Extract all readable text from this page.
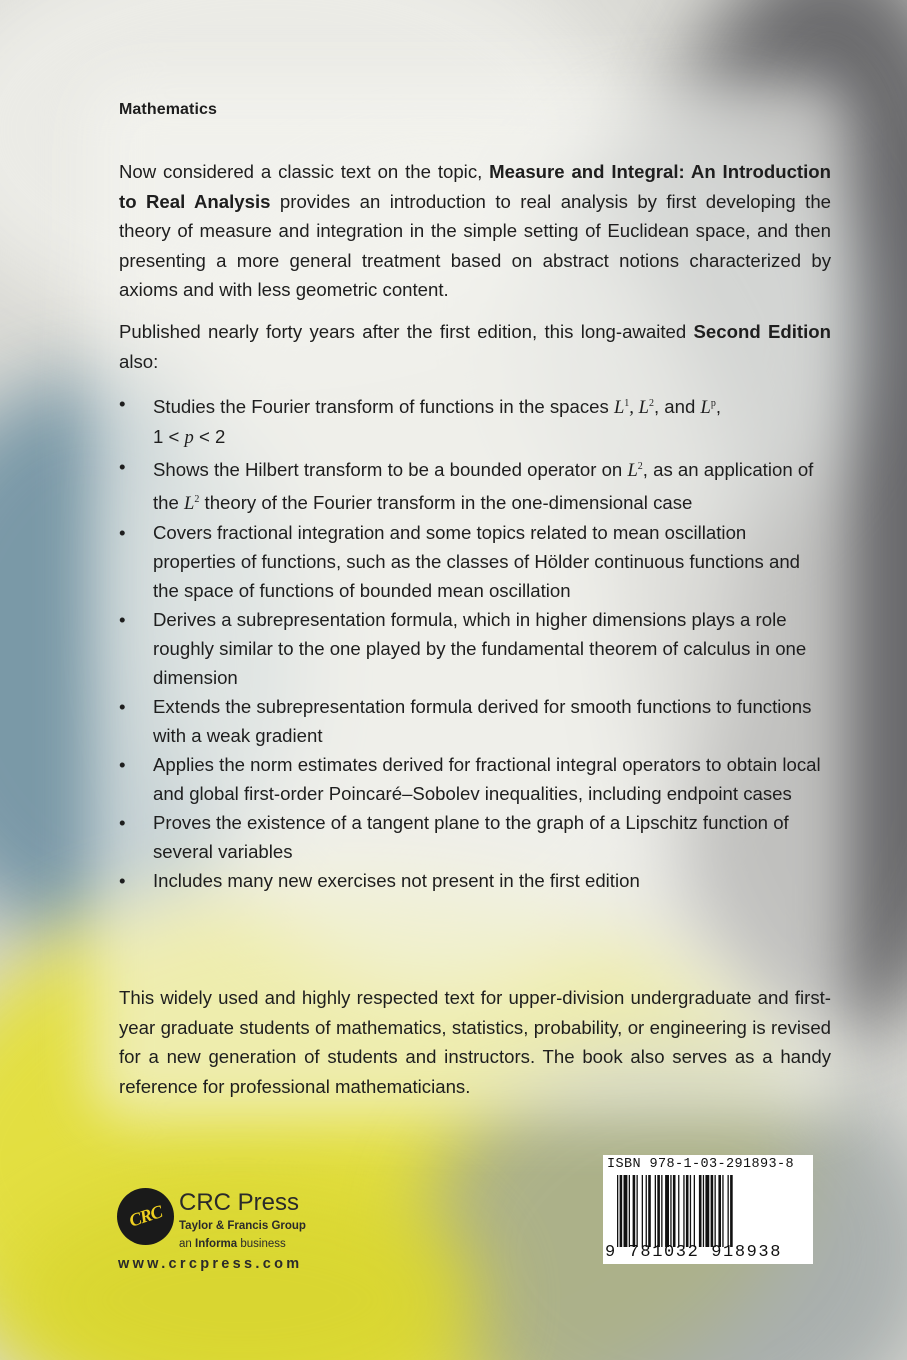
Mathematics

Now considered a classic text on the topic, Measure and Integral: An Introduction to Real Analysis provides an introduction to real analysis by first developing the theory of measure and integration in the simple setting of Euclidean space, and then presenting a more general treatment based on abstract notions characterized by axioms and with less geometric content.

Published nearly forty years after the first edition, this long-awaited Second Edition also:

• Studies the Fourier transform of functions in the spaces $L^1$, $L^2$, and $L^p$,
1 < p < 2
• Shows the Hilbert transform to be a bounded operator on $L^2$, as an application of the $L^2$ theory of the Fourier transform in the one-dimensional case
• Covers fractional integration and some topics related to mean oscillation properties of functions, such as the classes of Hölder continuous functions and the space of functions of bounded mean oscillation
• Derives a subrepresentation formula, which in higher dimensions plays a role roughly similar to the one played by the fundamental theorem of calculus in one dimension
• Extends the subrepresentation formula derived for smooth functions to functions with a weak gradient
• Applies the norm estimates derived for fractional integral operators to obtain local and global first-order Poincaré–Sobolev inequalities, including endpoint cases
• Proves the existence of a tangent plane to the graph of a Lipschitz function of several variables
• Includes many new exercises not present in the first edition

This widely used and highly respected text for upper-division undergraduate and first-year graduate students of mathematics, statistics, probability, or engineering is revised for a new generation of students and instructors. The book also serves as a handy reference for professional mathematicians.

CRC CRC Press
Taylor & Francis Group
an Informa business
www.crcpress.com
ISBN 978-1-03-291893-8
9 781032 918938
